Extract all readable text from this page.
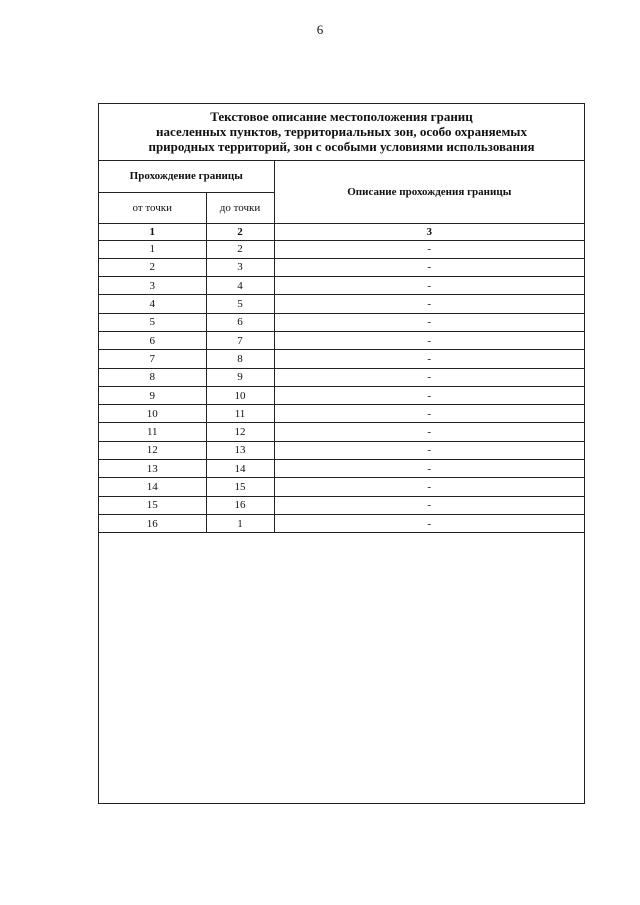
6
Текстовое описание местоположения границ
населенных пунктов, территориальных зон, особо охраняемых
природных территорий, зон с особыми условиями использования
Прохождение границы		Описание прохождения границы
от точки	до точки	
1	2	3
1	2	-
2	3	-
3	4	-
4	5	-
5	6	-
6	7	-
7	8	-
8	9	-
9	10	-
10	11	-
11	12	-
12	13	-
13	14	-
14	15	-
15	16	-
16	1	-
